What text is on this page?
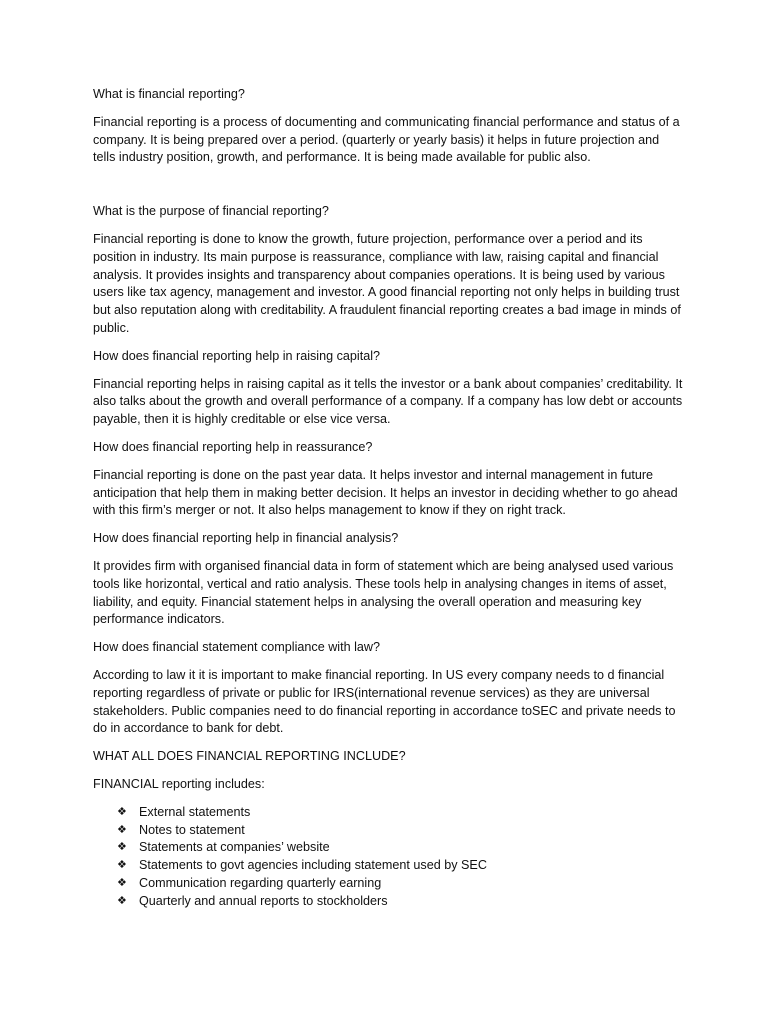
What is financial reporting?

Financial reporting is a process of documenting and communicating financial performance and status of a company. It is being prepared over a period. (quarterly or yearly basis) it helps in future projection and tells industry position, growth, and performance. It is being made available for public also.

What is the purpose of financial reporting?

Financial reporting is done to know the growth, future projection, performance over a period and its position in industry. Its main purpose is reassurance, compliance with law, raising capital and financial analysis. It provides insights and transparency about companies operations. It is being used by various users like tax agency, management and investor. A good financial reporting not only helps in building trust but also reputation along with creditability. A fraudulent financial reporting creates a bad image in minds of public.

How does financial reporting help in raising capital?

Financial reporting helps in raising capital as it tells the investor or a bank about companies’ creditability. It also talks about the growth and overall performance of a company. If a company has low debt or accounts payable, then it is highly creditable or else vice versa.

How does financial reporting help in reassurance?

Financial reporting is done on the past year data. It helps investor and internal management in future anticipation that help them in making better decision. It helps an investor in deciding whether to go ahead with this firm’s merger or not. It also helps management to know if they on right track.

How does financial reporting help in financial analysis?

It provides firm with organised financial data in form of statement which are being analysed used various tools like horizontal, vertical and ratio analysis. These tools help in analysing changes in items of asset, liability, and equity. Financial statement helps in analysing the overall operation and measuring key performance indicators.

How does financial statement compliance with law?

According to law it it is important to make financial reporting. In US every company needs to d financial reporting regardless of private or public for IRS(international revenue services) as they are universal stakeholders. Public companies need to do financial reporting in accordance toSEC and private needs to do in accordance to bank for debt.

WHAT ALL DOES FINANCIAL REPORTING INCLUDE?

FINANCIAL reporting includes:

❖ External statements
❖ Notes to statement
❖ Statements at companies’ website
❖ Statements to govt agencies including statement used by SEC
❖ Communication regarding quarterly earning
❖ Quarterly and annual reports to stockholders
